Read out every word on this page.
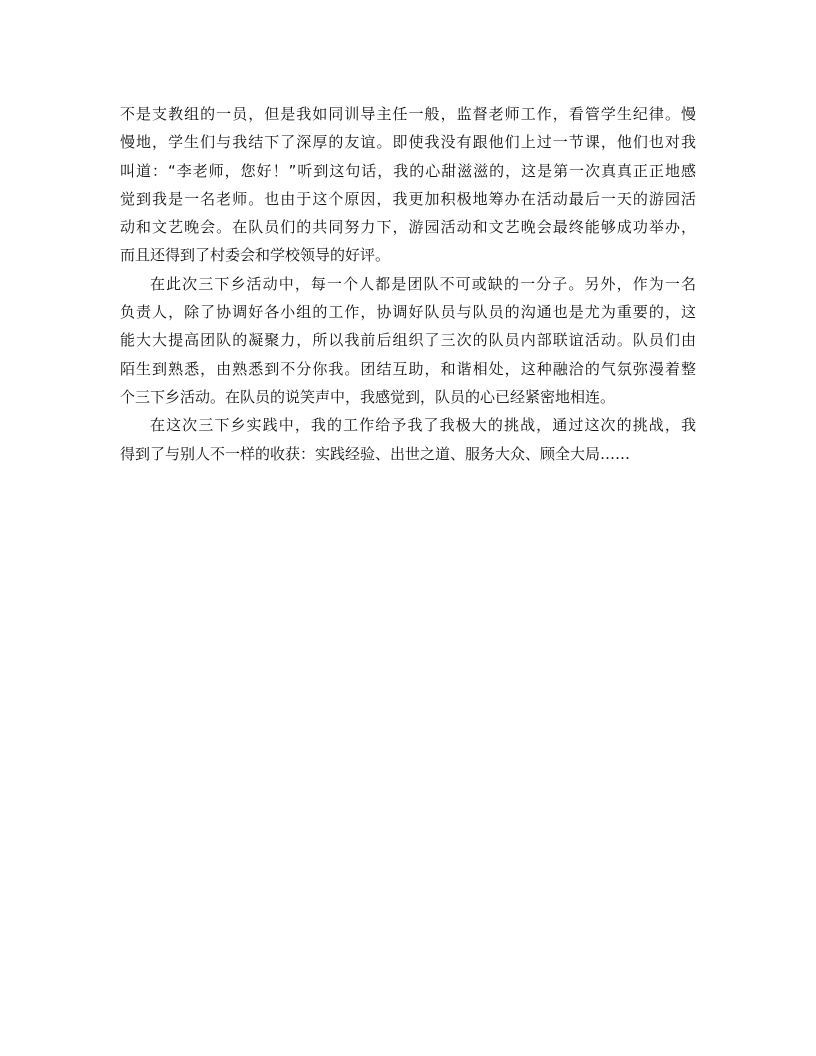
不是支教组的一员，但是我如同训导主任一般，监督老师工作，看管学生纪律。慢
慢地，学生们与我结下了深厚的友谊。即使我没有跟他们上过一节课，他们也对我
叫道：“李老师，您好！”听到这句话，我的心甜滋滋的，这是第一次真真正正地感
觉到我是一名老师。也由于这个原因，我更加积极地筹办在活动最后一天的游园活
动和文艺晚会。在队员们的共同努力下，游园活动和文艺晚会最终能够成功举办，
而且还得到了村委会和学校领导的好评。
在此次三下乡活动中，每一个人都是团队不可或缺的一分子。另外，作为一名
负责人，除了协调好各小组的工作，协调好队员与队员的沟通也是尤为重要的，这
能大大提高团队的凝聚力，所以我前后组织了三次的队员内部联谊活动。队员们由
陌生到熟悉，由熟悉到不分你我。团结互助，和谐相处，这种融洽的气氛弥漫着整
个三下乡活动。在队员的说笑声中，我感觉到，队员的心已经紧密地相连。
在这次三下乡实践中，我的工作给予我了我极大的挑战，通过这次的挑战，我
得到了与别人不一样的收获：实践经验、出世之道、服务大众、顾全大局……
